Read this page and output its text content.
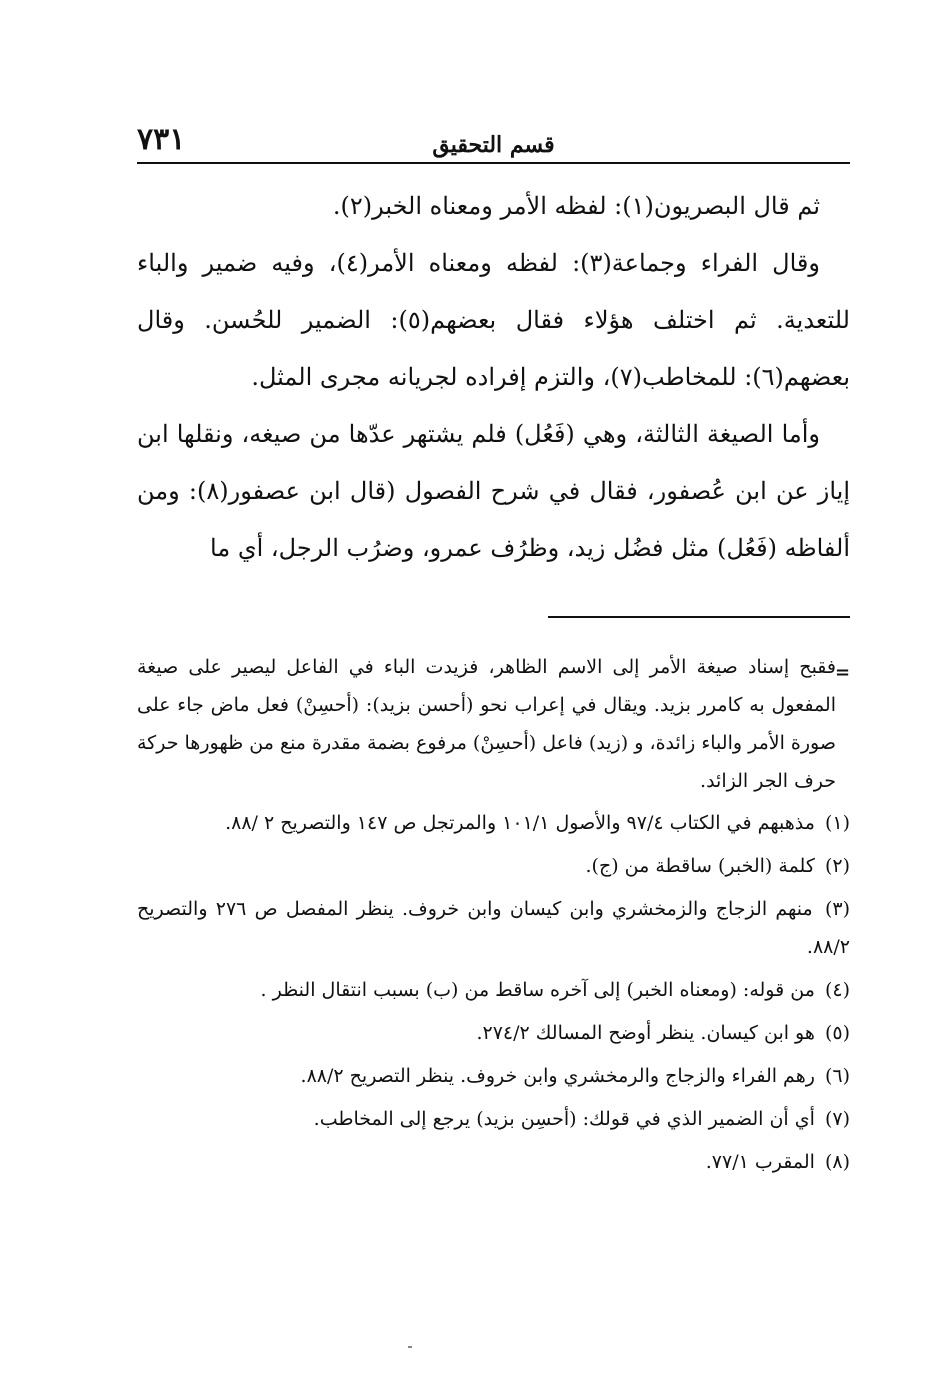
٧٣١	قسم التحقيق

ثم قال البصريون(١): لفظه الأمر ومعناه الخبر(٢).

وقال الفراء وجماعة(٣): لفظه ومعناه الأمر(٤)، وفيه ضمير والباء للتعدية. ثم اختلف هؤلاء فقال بعضهم(٥): الضمير للحُسن. وقال بعضهم(٦): للمخاطب(٧)، والتزم إفراده لجريانه مجرى المثل.

وأما الصيغة الثالثة، وهي (فَعُل) فلم يشتهر عدّها من صيغه، ونقلها ابن إياز عن ابن عُصفور، فقال في شرح الفصول (قال ابن عصفور(٨): ومن ألفاظه (فَعُل) مثل فضُل زيد، وظرُف عمرو، وضرُب الرجل، أي ما

=

فقبح إسناد صيغة الأمر إلى الاسم الظاهر، فزيدت الباء في الفاعل ليصير على صيغة المفعول به كامرر بزيد. ويقال في إعراب نحو (أحسن بزيد): (أحسِنْ) فعل ماض جاء على صورة الأمر والباء زائدة، و (زيد) فاعل (أحسِنْ) مرفوع بضمة مقدرة منع من ظهورها حركة حرف الجر الزائد.

(١) مذهبهم في الكتاب ٩٧/٤ والأصول ١٠١/١ والمرتجل ص ١٤٧ والتصريح ٢ /٨٨.

(٢) كلمة (الخبر) ساقطة من (ج).

(٣) منهم الزجاج والزمخشري وابن كيسان وابن خروف. ينظر المفصل ص ٢٧٦ والتصريح ٨٨/٢.

(٤) من قوله: (ومعناه الخبر) إلى آخره ساقط من (ب) بسبب انتقال النظر .

(٥) هو ابن كيسان. ينظر أوضح المسالك ٢٧٤/٢.

(٦) رهم الفراء والزجاج والرمخشري وابن خروف. ينظر التصريح ٨٨/٢.

(٧) أي أن الضمير الذي في قولك: (أحسِن بزيد) يرجع إلى المخاطب.

(٨) المقرب ٧٧/١.
